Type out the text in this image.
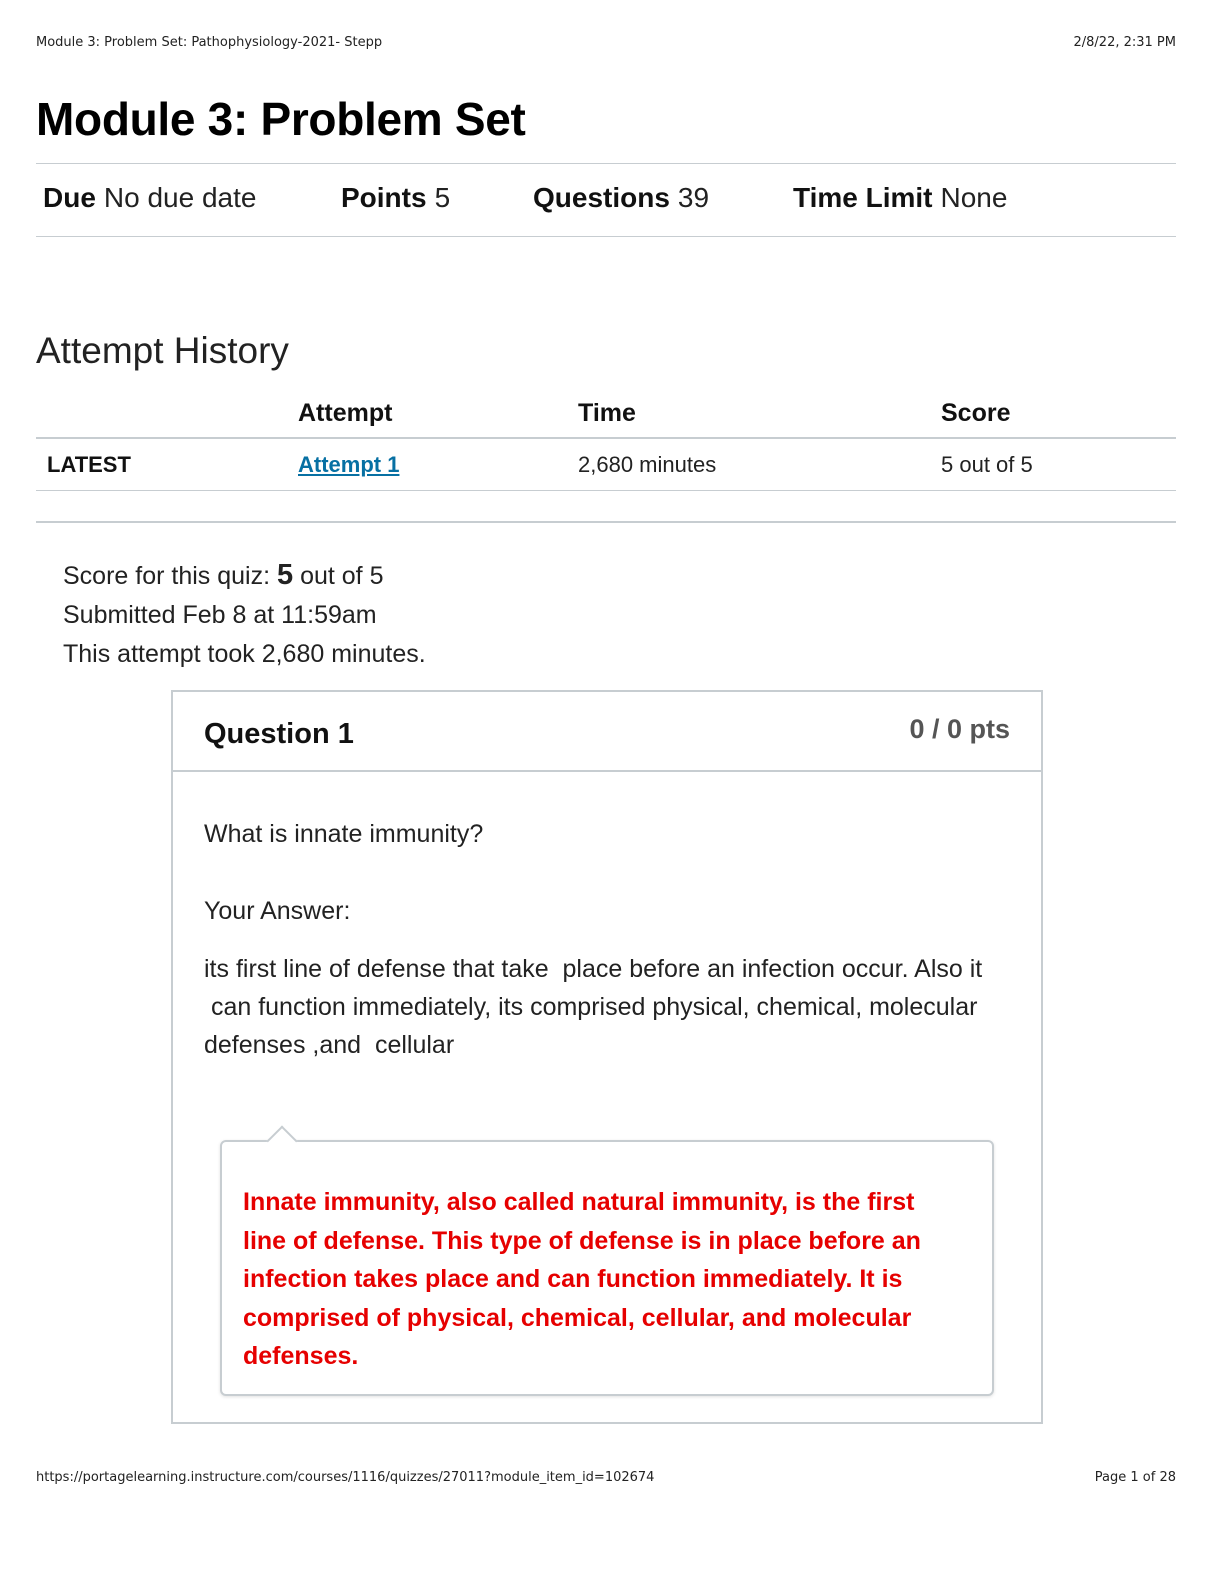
Module 3: Problem Set: Pathophysiology-2021- Stepp	2/8/22, 2:31 PM
Module 3: Problem Set
Due No due date	Points 5	Questions 39	Time Limit None
Attempt History
	Attempt	Time	Score
LATEST	Attempt 1	2,680 minutes	5 out of 5
Score for this quiz: 5 out of 5
Submitted Feb 8 at 11:59am
This attempt took 2,680 minutes.
Question 1	0 / 0 pts
What is innate immunity?
Your Answer:
its first line of defense that take  place before an infection occur. Also it
can function immediately, its comprised physical, chemical, molecular
defenses ,and  cellular
Innate immunity, also called natural immunity, is the first line of defense. This type of defense is in place before an infection takes place and can function immediately. It is comprised of physical, chemical, cellular, and molecular defenses.
https://portagelearning.instructure.com/courses/1116/quizzes/27011?module_item_id=102674	Page 1 of 28
